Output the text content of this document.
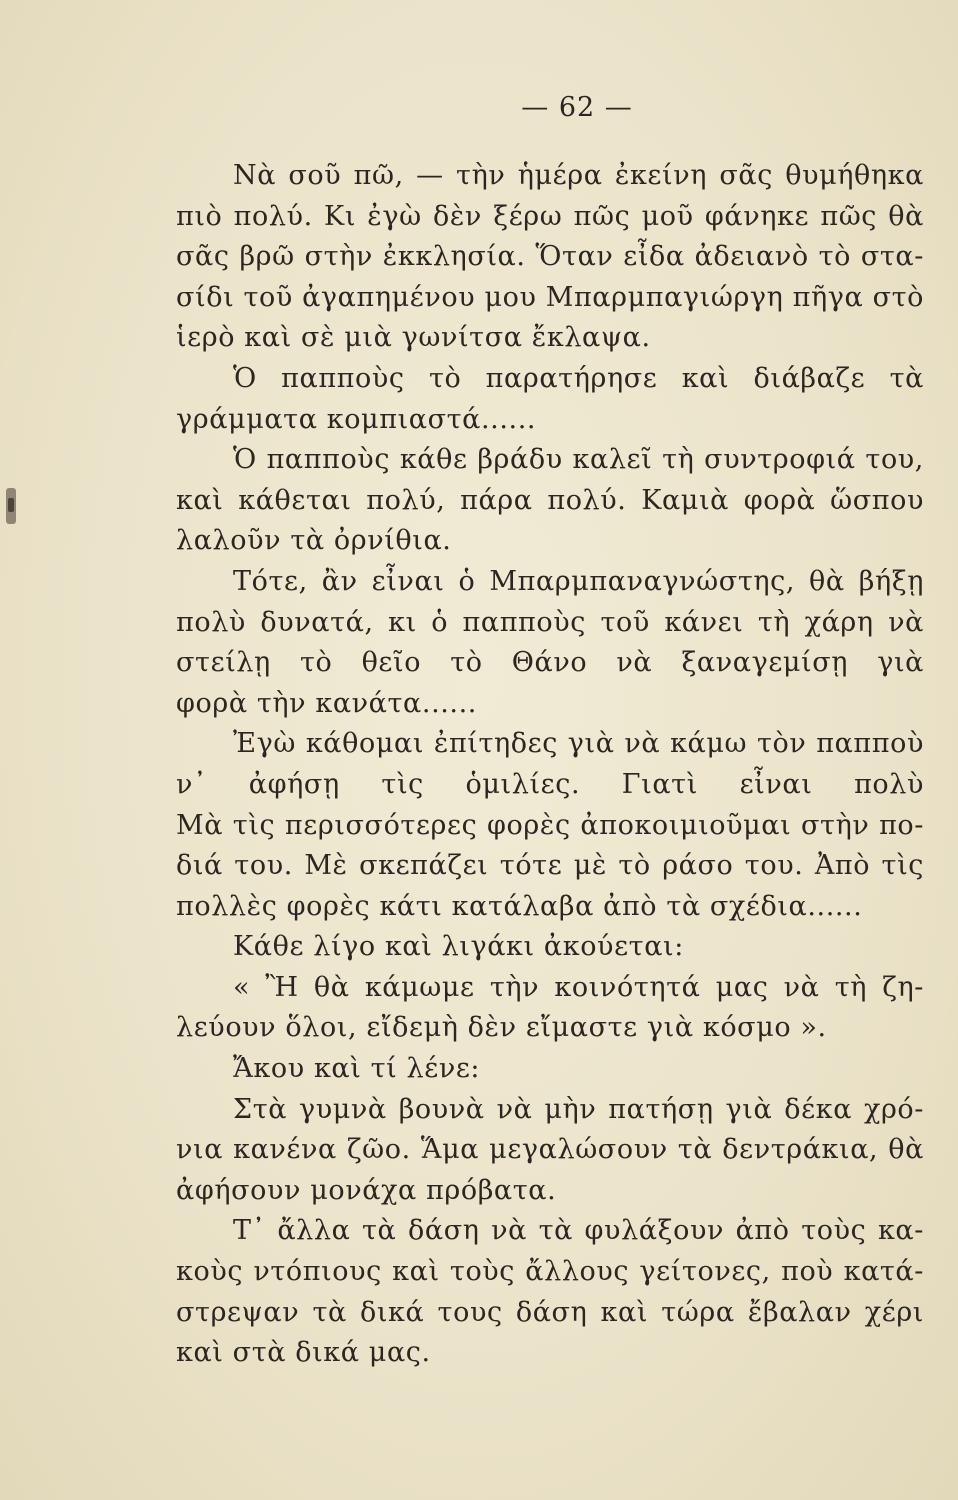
— 62 —
Νὰ σοῦ πῶ, — τὴν ἡμέρα ἐκείνη σᾶς θυμήθηκα
πιὸ πολύ. Κι ἐγὼ δὲν ξέρω πῶς μοῦ φάνηκε πῶς θὰ
σᾶς βρῶ στὴν ἐκκλησία. Ὅταν εἶδα ἀδειανὸ τὸ στα-
σίδι τοῦ ἀγαπημένου μου Μπαρμπαγιώργη πῆγα στὸ
ἱερὸ καὶ σὲ μιὰ γωνίτσα ἔκλαψα.
Ὁ παπποὺς τὸ παρατήρησε καὶ διάβαζε τὰ
γράμματα κομπιαστά......
Ὁ παπποὺς κάθε βράδυ καλεῖ τὴ συντροφιά του,
καὶ κάθεται πολύ, πάρα πολύ. Καμιὰ φορὰ ὥσπου
λαλοῦν τὰ ὀρνίθια.
Τότε, ἂν εἶναι ὁ Μπαρμπαναγνώστης, θὰ βήξῃ
πολὺ δυνατά, κι ὁ παπποὺς τοῦ κάνει τὴ χάρη νὰ
στείλῃ τὸ θεῖο τὸ Θάνο νὰ ξαναγεμίσῃ γιὰ
φορὰ τὴν κανάτα......
Ἐγὼ κάθομαι ἐπίτηδες γιὰ νὰ κάμω τὸν παπποὺ
ν᾽ ἀφήσῃ τὶς ὁμιλίες. Γιατὶ εἶναι πολὺ
Μὰ τὶς περισσότερες φορὲς ἀποκοιμιοῦμαι στὴν πο-
διά του. Μὲ σκεπάζει τότε μὲ τὸ ράσο του. Ἀπὸ τὶς
πολλὲς φορὲς κάτι κατάλαβα ἀπὸ τὰ σχέδια......
Κάθε λίγο καὶ λιγάκι ἀκούεται:
« Ἢ θὰ κάμωμε τὴν κοινότητά μας νὰ τὴ ζη-
λεύουν ὅλοι, εἴδεμὴ δὲν εἴμαστε γιὰ κόσμο ».
Ἄκου καὶ τί λένε:
Στὰ γυμνὰ βουνὰ νὰ μὴν πατήσῃ γιὰ δέκα χρό-
νια κανένα ζῶο. Ἅμα μεγαλώσουν τὰ δεντράκια, θὰ
ἀφήσουν μονάχα πρόβατα.
Τ᾽ ἄλλα τὰ δάση νὰ τὰ φυλάξουν ἀπὸ τοὺς κα-
κοὺς ντόπιους καὶ τοὺς ἄλλους γείτονες, ποὺ κατά-
στρεψαν τὰ δικά τους δάση καὶ τώρα ἔβαλαν χέρι
καὶ στὰ δικά μας.
